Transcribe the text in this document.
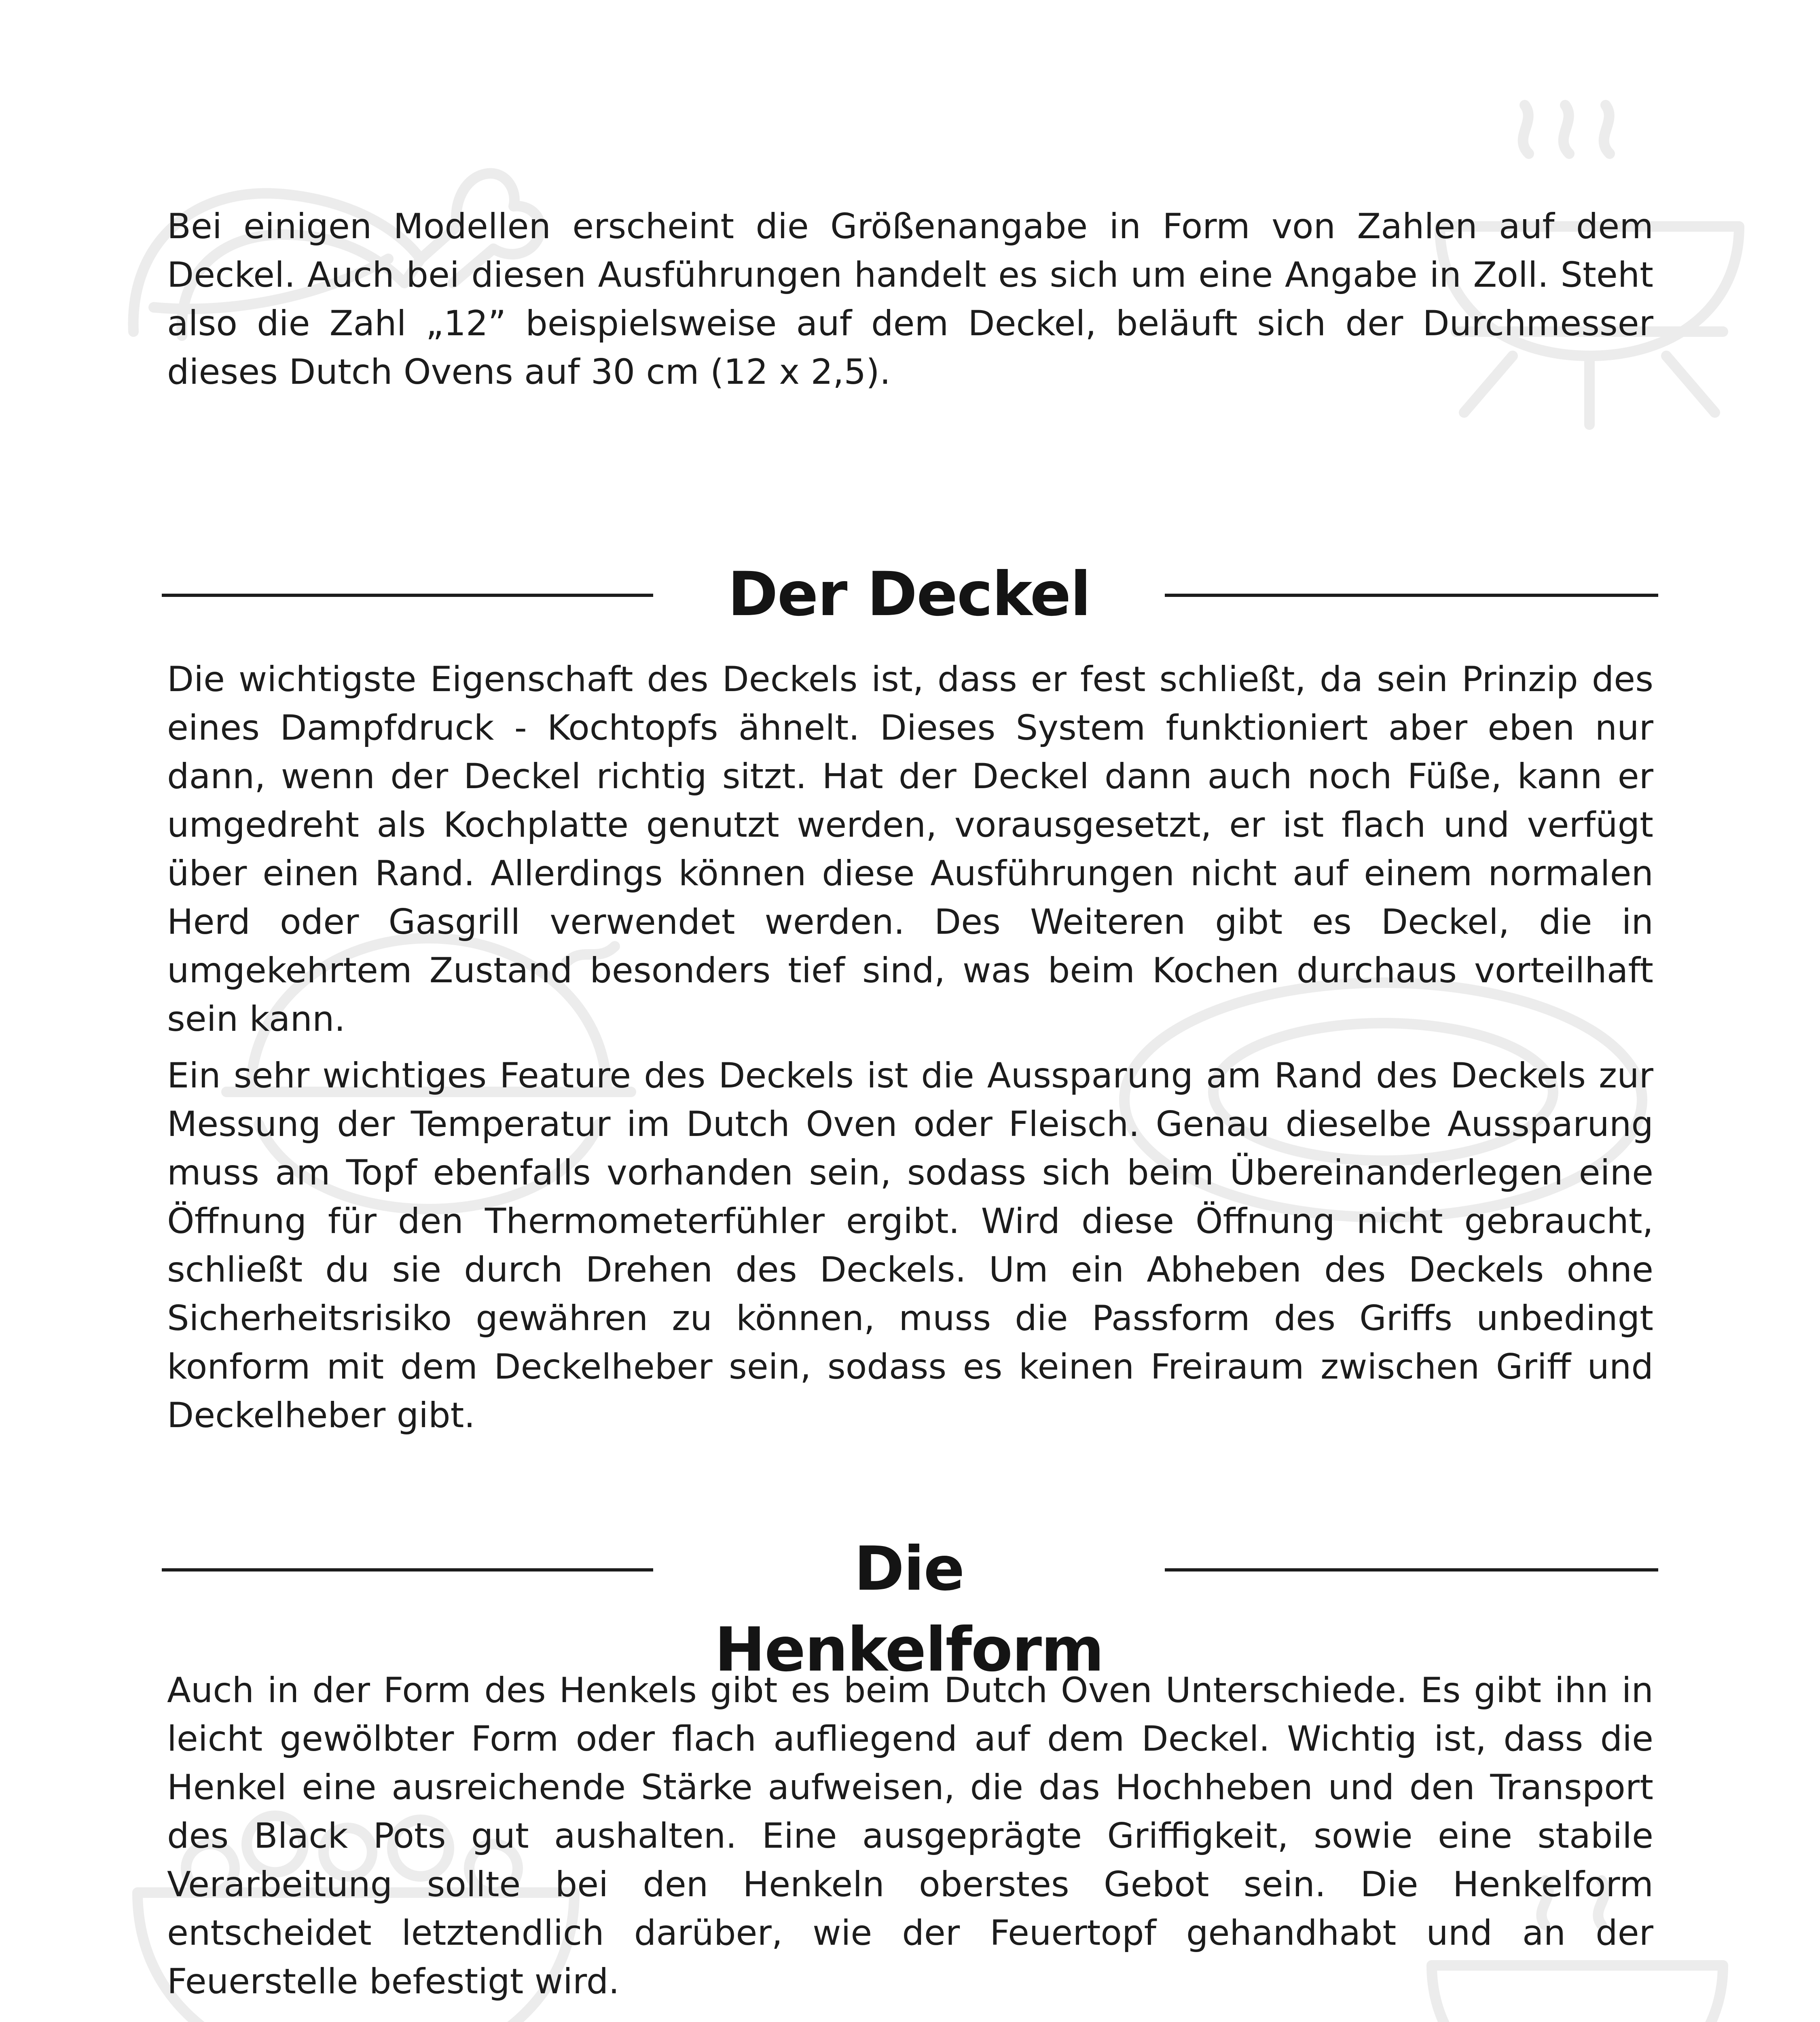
Bei einigen Modellen erscheint die Größenangabe in Form von Zahlen auf dem Deckel. Auch bei diesen Ausführungen handelt es sich um eine Angabe in Zoll. Steht also die Zahl „12” beispielsweise auf dem Deckel, beläuft sich der Durchmesser dieses Dutch Ovens auf 30 cm (12 x 2,5).

Der Deckel

Die wichtigste Eigenschaft des Deckels ist, dass er fest schließt, da sein Prinzip des eines Dampfdruck - Kochtopfs ähnelt. Dieses System funktioniert aber eben nur dann, wenn der Deckel richtig sitzt. Hat der Deckel dann auch noch Füße, kann er umgedreht als Kochplatte genutzt werden, vorausgesetzt, er ist flach und verfügt über einen Rand. Allerdings können diese Ausführungen nicht auf einem normalen Herd oder Gasgrill verwendet werden. Des Weiteren gibt es Deckel, die in umgekehrtem Zustand besonders tief sind, was beim Kochen durchaus vorteilhaft sein kann.

Ein sehr wichtiges Feature des Deckels ist die Aussparung am Rand des Deckels zur Messung der Temperatur im Dutch Oven oder Fleisch. Genau dieselbe Aussparung muss am Topf ebenfalls vorhanden sein, sodass sich beim Übereinanderlegen eine Öffnung für den Thermometerfühler ergibt. Wird diese Öffnung nicht gebraucht, schließt du sie durch Drehen des Deckels. Um ein Abheben des Deckels ohne Sicherheitsrisiko gewähren zu können, muss die Passform des Griffs unbedingt konform mit dem Deckelheber sein, sodass es keinen Freiraum zwischen Griff und Deckelheber gibt.

Die Henkelform

Auch in der Form des Henkels gibt es beim Dutch Oven Unterschiede. Es gibt ihn in leicht gewölbter Form oder flach aufliegend auf dem Deckel. Wichtig ist, dass die Henkel eine ausreichende Stärke aufweisen, die das Hochheben und den Transport des Black Pots gut aushalten. Eine ausgeprägte Griffigkeit, sowie eine stabile Verarbeitung sollte bei den Henkeln oberstes Gebot sein. Die Henkelform entscheidet letztendlich darüber, wie der Feuertopf gehandhabt und an der Feuerstelle befestigt wird.
